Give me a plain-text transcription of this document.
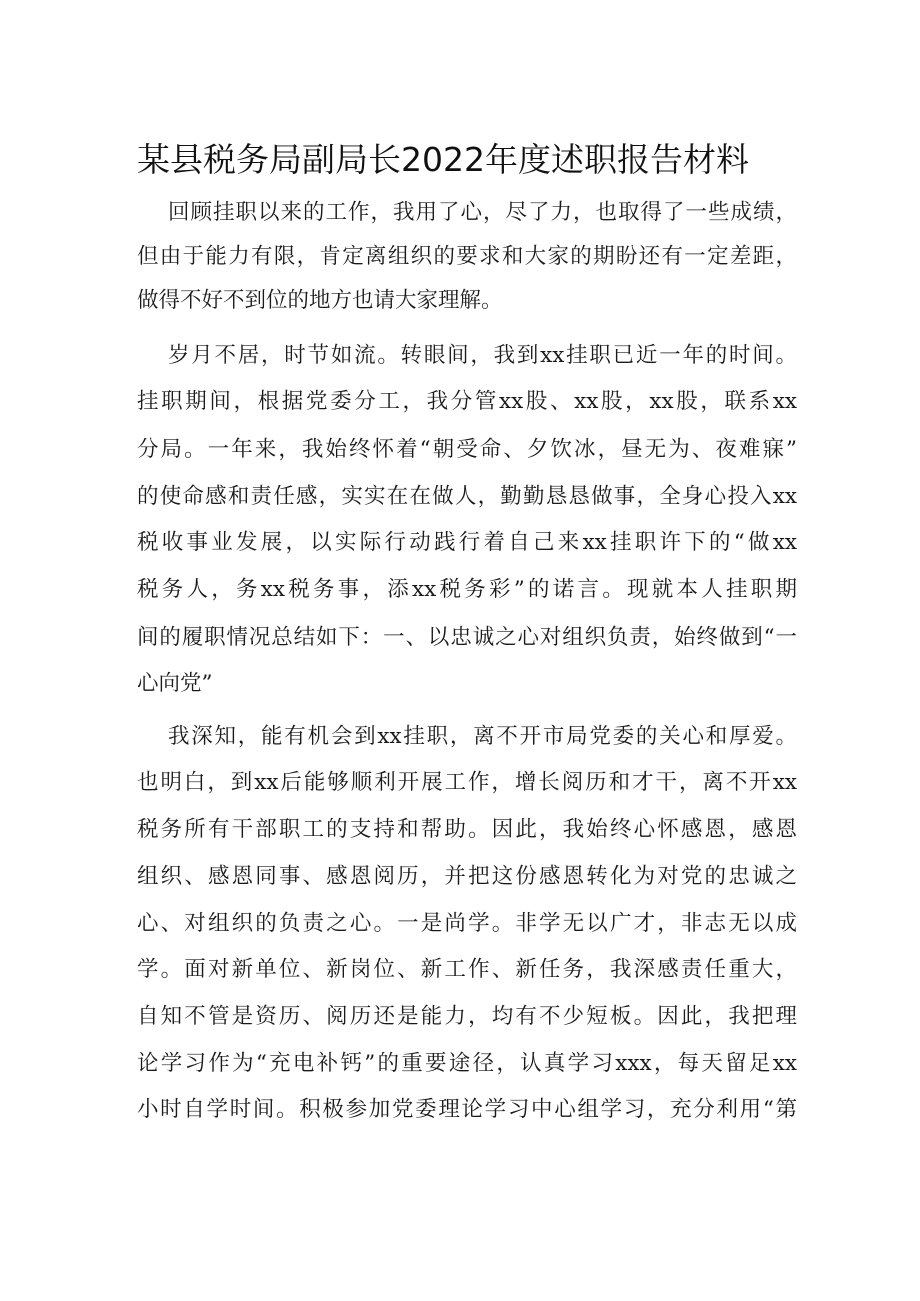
某县税务局副局长2022年度述职报告材料

回顾挂职以来的工作，我用了心，尽了力，也取得了一些成绩，

但由于能力有限，肯定离组织的要求和大家的期盼还有一定差距，

做得不好不到位的地方也请大家理解。

岁月不居，时节如流。转眼间，我到xx挂职已近一年的时间。

挂职期间，根据党委分工，我分管xx股、xx股，xx股，联系xx

分局。一年来，我始终怀着“朝受命、夕饮冰，昼无为、夜难寐”

的使命感和责任感，实实在在做人，勤勤恳恳做事，全身心投入xx

税收事业发展，以实际行动践行着自己来xx挂职许下的“做xx

税务人，务xx税务事，添xx税务彩”的诺言。现就本人挂职期

间的履职情况总结如下：一、以忠诚之心对组织负责，始终做到“一

心向党”

我深知，能有机会到xx挂职，离不开市局党委的关心和厚爱。

也明白，到xx后能够顺利开展工作，增长阅历和才干，离不开xx

税务所有干部职工的支持和帮助。因此，我始终心怀感恩，感恩

组织、感恩同事、感恩阅历，并把这份感恩转化为对党的忠诚之

心、对组织的负责之心。一是尚学。非学无以广才，非志无以成

学。面对新单位、新岗位、新工作、新任务，我深感责任重大，

自知不管是资历、阅历还是能力，均有不少短板。因此，我把理

论学习作为“充电补钙”的重要途径，认真学习xxx，每天留足xx

小时自学时间。积极参加党委理论学习中心组学习，充分利用“第
